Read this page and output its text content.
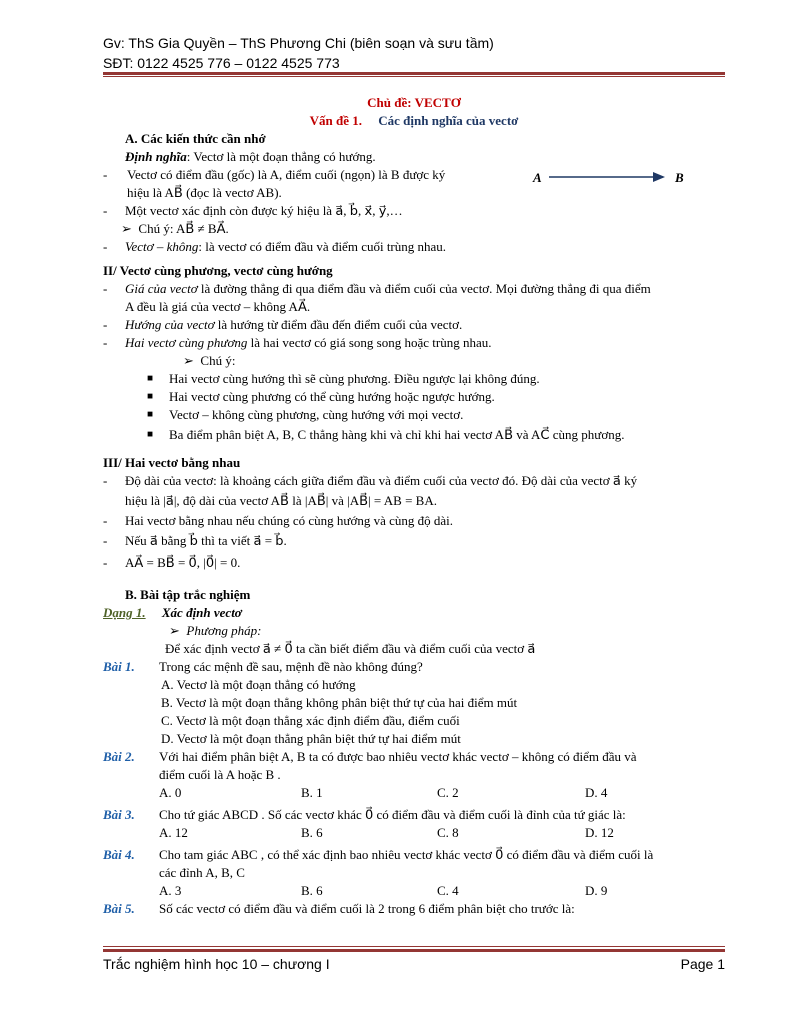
Gv: ThS Gia Quyền – ThS Phương Chi (biên soạn và sưu tầm)
SĐT: 0122 4525 776 – 0122 4525 773
Chủ đề: VECTƠ
Vấn đề 1. Các định nghĩa của vectơ
A. Các kiến thức cần nhớ
Định nghĩa: Vectơ là một đoạn thẳng có hướng.
- Vectơ có điểm đầu (gốc) là A, điểm cuối (ngọn) là B được ký
hiệu là AB⃗ (đọc là vectơ AB).
A	B
- Một vectơ xác định còn được ký hiệu là a⃗, b⃗, x⃗, y⃗,…
➢ Chú ý: AB⃗ ≠ BA⃗.
- Vectơ – không: là vectơ có điểm đầu và điểm cuối trùng nhau.
II/ Vectơ cùng phương, vectơ cùng hướng
- Giá của vectơ là đường thẳng đi qua điểm đầu và điểm cuối của vectơ. Mọi đường thẳng đi qua điểm
A đều là giá của vectơ – không AA⃗.
- Hướng của vectơ là hướng từ điểm đầu đến điểm cuối của vectơ.
- Hai vectơ cùng phương là hai vectơ có giá song song hoặc trùng nhau.
➢ Chú ý:
■ Hai vectơ cùng hướng thì sẽ cùng phương. Điều ngược lại không đúng.
■ Hai vectơ cùng phương có thể cùng hướng hoặc ngược hướng.
■ Vectơ – không cùng phương, cùng hướng với mọi vectơ.
■ Ba điểm phân biệt A, B, C thẳng hàng khi và chỉ khi hai vectơ AB⃗ và AC⃗ cùng phương.
III/ Hai vectơ bằng nhau
- Độ dài của vectơ: là khoảng cách giữa điểm đầu và điểm cuối của vectơ đó. Độ dài của vectơ a⃗ ký
hiệu là |a⃗|, độ dài của vectơ AB⃗ là |AB⃗| và |AB⃗| = AB = BA.
- Hai vectơ bằng nhau nếu chúng có cùng hướng và cùng độ dài.
- Nếu a⃗ bằng b⃗ thì ta viết a⃗ = b⃗.
- AA⃗ = BB⃗ = 0⃗, |0⃗| = 0.
B. Bài tập trắc nghiệm
Dạng 1. Xác định vectơ
➢ Phương pháp:
Để xác định vectơ a⃗ ≠ 0⃗ ta cần biết điểm đầu và điểm cuối của vectơ a⃗
Bài 1. Trong các mệnh đề sau, mệnh đề nào không đúng?
A. Vectơ là một đoạn thẳng có hướng
B. Vectơ là một đoạn thẳng không phân biệt thứ tự của hai điểm mút
C. Vectơ là một đoạn thẳng xác định điểm đầu, điểm cuối
D. Vectơ là một đoạn thẳng phân biệt thứ tự hai điểm mút
Bài 2. Với hai điểm phân biệt A, B ta có được bao nhiêu vectơ khác vectơ – không có điểm đầu và
điểm cuối là A hoặc B .
A. 0	B. 1	C. 2	D. 4
Bài 3. Cho tứ giác ABCD . Số các vectơ khác 0⃗ có điểm đầu và điểm cuối là đỉnh của tứ giác là:
A. 12	B. 6	C. 8	D. 12
Bài 4. Cho tam giác ABC , có thể xác định bao nhiêu vectơ khác vectơ 0⃗ có điểm đầu và điểm cuối là
các đỉnh A, B, C
A. 3	B. 6	C. 4	D. 9
Bài 5. Số các vectơ có điểm đầu và điểm cuối là 2 trong 6 điểm phân biệt cho trước là:
Trắc nghiệm hình học 10 – chương I	Page 1
